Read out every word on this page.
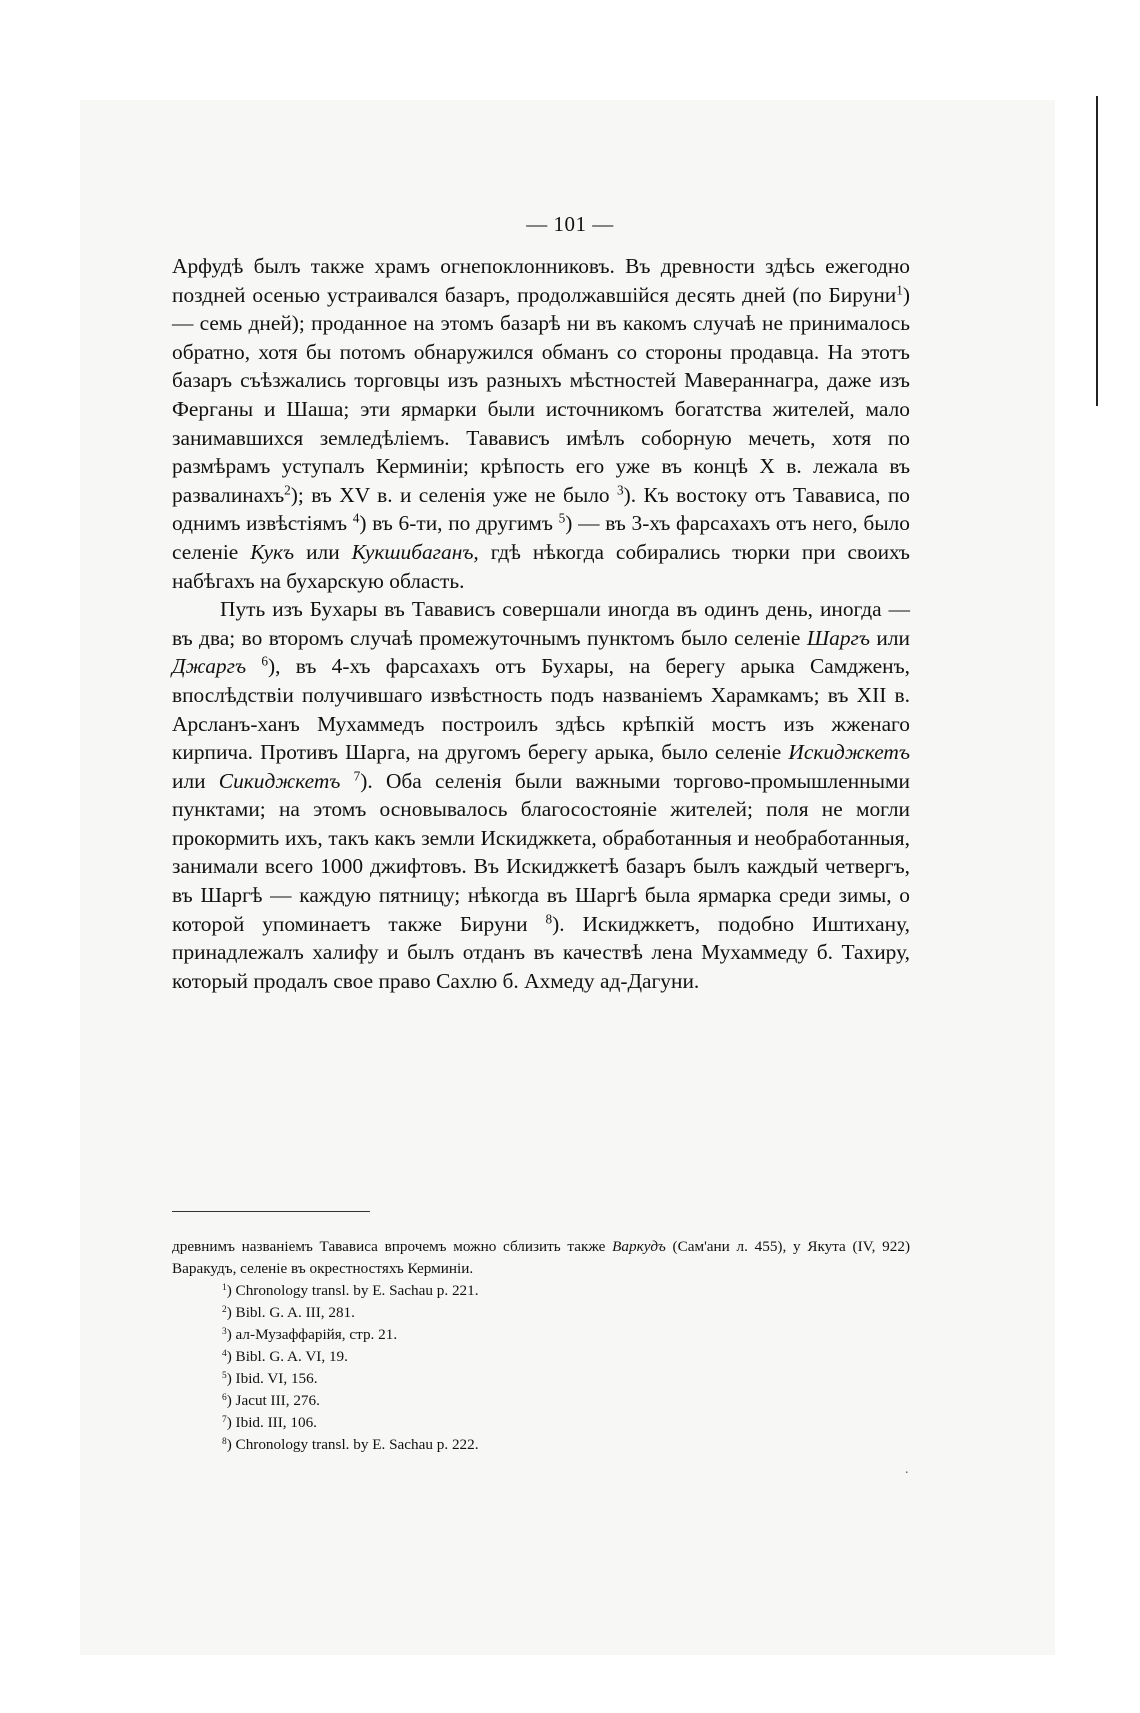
— 101 —

Арфудѣ былъ также храмъ огнепоклонниковъ. Въ древности здѣсь ежегодно поздней осенью устраивался базаръ, продолжавшійся десять дней (по Бируни$^1$) — семь дней); проданное на этомъ базарѣ ни въ какомъ случаѣ не принималось обратно, хотя бы потомъ обнаружился обманъ со стороны продавца. На этотъ базаръ съѣзжались торговцы изъ разныхъ мѣстностей Мавераннагра, даже изъ Ферганы и Шаша; эти ярмарки были источникомъ богатства жителей, мало занимавшихся земледѣліемъ. Тавависъ имѣлъ соборную мечеть, хотя по размѣрамъ уступалъ Керминіи; крѣпость его уже въ концѣ X в. лежала въ развалинахъ$^2$); въ XV в. и селенія уже не было $^3$). Къ востоку отъ Тавависа, по однимъ извѣстіямъ $^4$) въ 6-ти, по другимъ $^5$) — въ 3-хъ фарсахахъ отъ него, было селеніе Кукъ или Кукшибаганъ, гдѣ нѣкогда собирались тюрки при своихъ набѣгахъ на бухарскую область.

Путь изъ Бухары въ Тавависъ совершали иногда въ одинъ день, иногда — въ два; во второмъ случаѣ промежуточнымъ пунктомъ было селеніе Шаргъ или Джаргъ $^6$), въ 4-хъ фарсахахъ отъ Бухары, на берегу арыка Самдженъ, впослѣдствіи получившаго извѣстность подъ названіемъ Харамкамъ; въ XII в. Арсланъ-ханъ Мухаммедъ построилъ здѣсь крѣпкій мостъ изъ жженаго кирпича. Противъ Шарга, на другомъ берегу арыка, было селеніе Искиджкетъ или Сикиджкетъ $^7$). Оба селенія были важными торгово-промышленными пунктами; на этомъ основывалось благосостояніе жителей; поля не могли прокормить ихъ, такъ какъ земли Искиджкета, обработанныя и необработанныя, занимали всего 1000 джифтовъ. Въ Искиджкетѣ базаръ былъ каждый четвергъ, въ Шаргѣ — каждую пятницу; нѣкогда въ Шаргѣ была ярмарка среди зимы, о которой упоминаетъ также Бируни $^8$). Искиджкетъ, подобно Иштихану, принадлежалъ халифу и былъ отданъ въ качествѣ лена Мухаммеду б. Тахиру, который продалъ свое право Сахлю б. Ахмеду ад-Дагуни.

древнимъ названіемъ Тавависа впрочемъ можно сблизить также Варкудъ (Сам'ани л. 455), у Якута (IV, 922) Варакудъ, селеніе въ окрестностяхъ Керминіи.
$^1$) Chronology transl. by E. Sachau p. 221.
$^2$) Bibl. G. A. III, 281.
$^3$) ал-Музаффарійя, стр. 21.
$^4$) Bibl. G. A. VI, 19.
$^5$) Ibid. VI, 156.
$^6$) Jacut III, 276.
$^7$) Ibid. III, 106.
$^8$) Chronology transl. by E. Sachau p. 222.
.
